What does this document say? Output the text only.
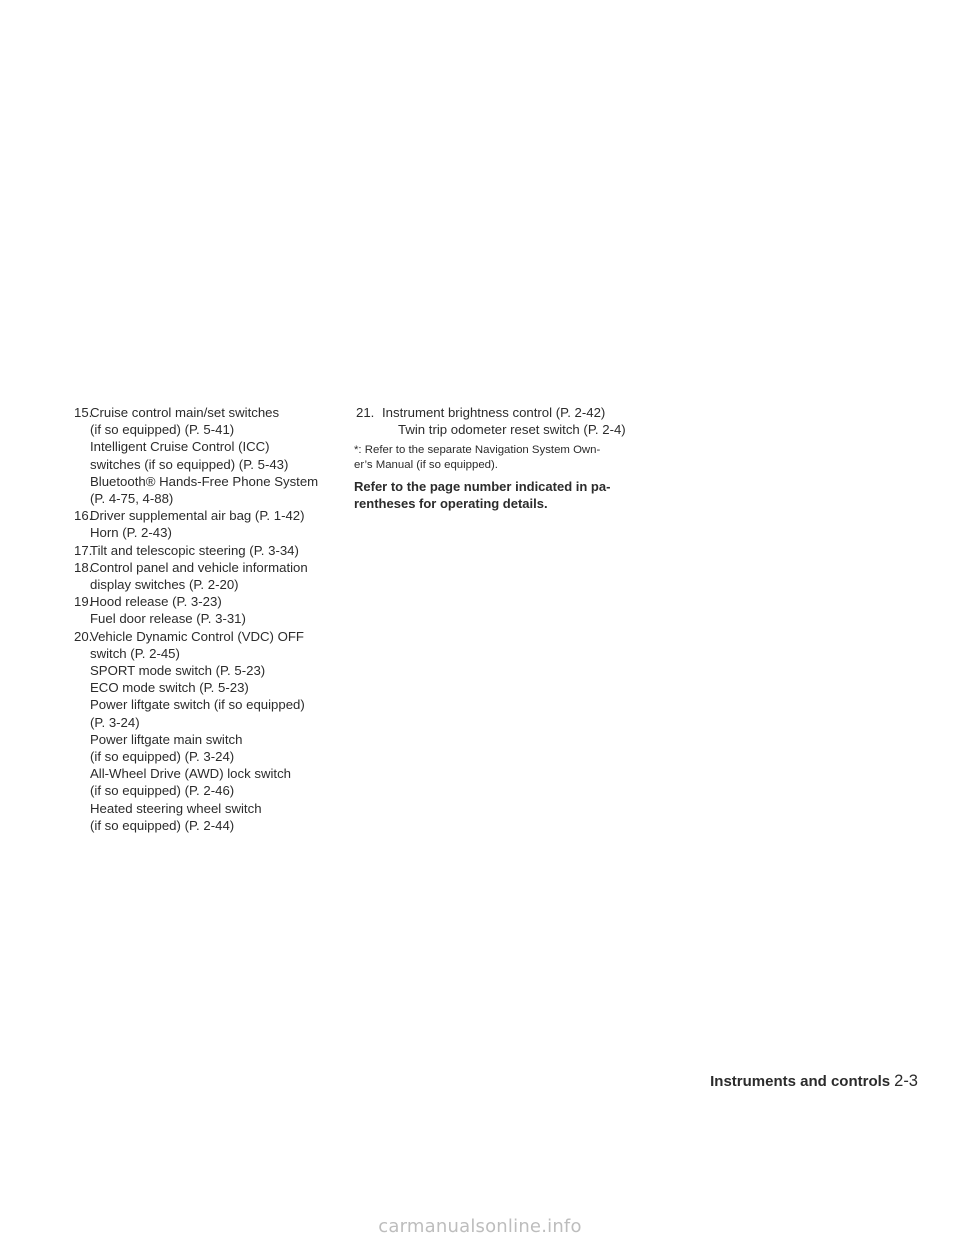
15.
Cruise control main/set switches
(if so equipped) (P. 5-41)
Intelligent Cruise Control (ICC)
switches (if so equipped) (P. 5-43)
Bluetooth® Hands-Free Phone System
(P. 4-75, 4-88)
16.
Driver supplemental air bag (P. 1-42)
Horn (P. 2-43)
17.
Tilt and telescopic steering (P. 3-34)
18.
Control panel and vehicle information
display switches (P. 2-20)
19.
Hood release (P. 3-23)
Fuel door release (P. 3-31)
20.
Vehicle Dynamic Control (VDC) OFF
switch (P. 2-45)
SPORT mode switch (P. 5-23)
ECO mode switch (P. 5-23)
Power liftgate switch (if so equipped)
(P. 3-24)
Power liftgate main switch
(if so equipped) (P. 3-24)
All-Wheel Drive (AWD) lock switch
(if so equipped) (P. 2-46)
Heated steering wheel switch
(if so equipped) (P. 2-44)
21. Instrument brightness control (P. 2-42)
Twin trip odometer reset switch (P. 2-4)
*: Refer to the separate Navigation System Own-
er’s Manual (if so equipped).
Refer to the page number indicated in pa-
rentheses for operating details.
Instruments and controls 2-3
carmanualsonline.info
